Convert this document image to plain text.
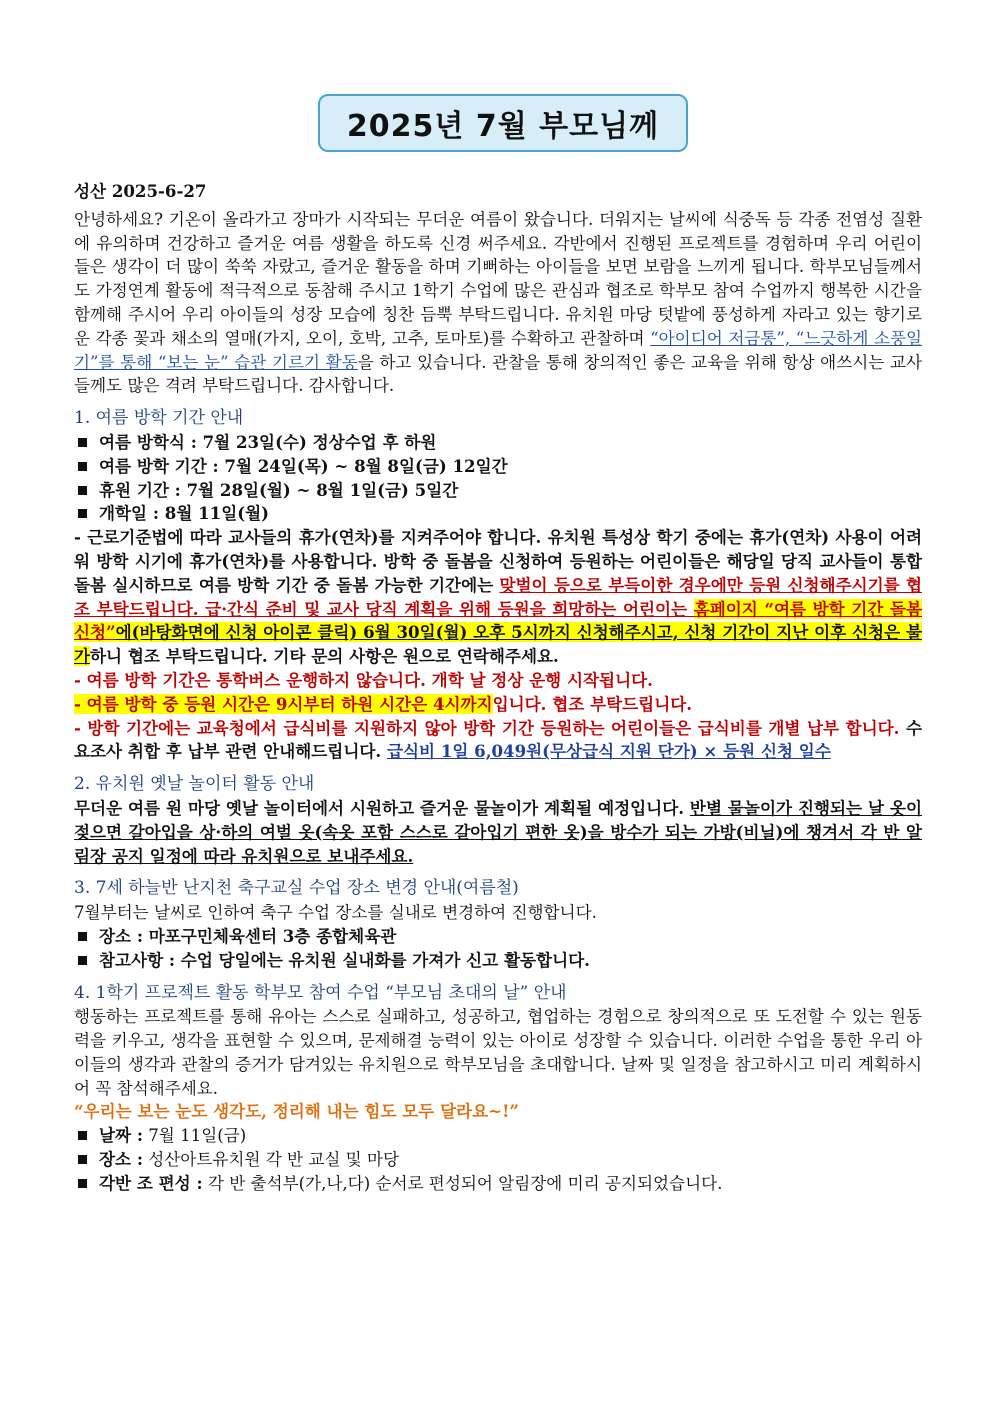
2025년 7월 부모님께

성산 2025-6-27

안녕하세요? 기온이 올라가고 장마가 시작되는 무더운 여름이 왔습니다. 더워지는 날씨에 식중독 등 각종 전염성 질환에 유의하며 건강하고 즐거운 여름 생활을 하도록 신경 써주세요. 각반에서 진행된 프로젝트를 경험하며 우리 어린이들은 생각이 더 많이 쑥쑥 자랐고, 즐거운 활동을 하며 기뻐하는 아이들을 보면 보람을 느끼게 됩니다. 학부모님들께서도 가정연계 활동에 적극적으로 동참해 주시고 1학기 수업에 많은 관심과 협조로 학부모 참여 수업까지 행복한 시간을 함께해 주시어 우리 아이들의 성장 모습에 칭찬 듬뿍 부탁드립니다. 유치원 마당 텃밭에 풍성하게 자라고 있는 향기로운 각종 꽃과 채소의 열매(가지, 오이, 호박, 고추, 토마토)를 수확하고 관찰하며 “아이디어 저금통”, “느긋하게 소풍일기”를 통해 “보는 눈” 습관 기르기 활동을 하고 있습니다. 관찰을 통해 창의적인 좋은 교육을 위해 항상 애쓰시는 교사들께도 많은 격려 부탁드립니다. 감사합니다.

1. 여름 방학 기간 안내
여름 방학식 : 7월 23일(수) 정상수업 후 하원
여름 방학 기간 : 7월 24일(목) ~ 8월 8일(금) 12일간
휴원 기간 : 7월 28일(월) ~ 8월 1일(금) 5일간
개학일 : 8월 11일(월)

- 근로기준법에 따라 교사들의 휴가(연차)를 지켜주어야 합니다. 유치원 특성상 학기 중에는 휴가(연차) 사용이 어려워 방학 시기에 휴가(연차)를 사용합니다. 방학 중 돌봄을 신청하여 등원하는 어린이들은 해당일 당직 교사들이 통합 돌봄 실시하므로 여름 방학 기간 중 돌봄 가능한 기간에는 맞벌이 등으로 부득이한 경우에만 등원 신청해주시기를 협조 부탁드립니다. 급·간식 준비 및 교사 당직 계획을 위해 등원을 희망하는 어린이는 홈페이지 “여름 방학 기간 돌봄 신청”에(바탕화면에 신청 아이콘 클릭) 6월 30일(월) 오후 5시까지 신청해주시고, 신청 기간이 지난 이후 신청은 불가하니 협조 부탁드립니다. 기타 문의 사항은 원으로 연락해주세요.

- 여름 방학 기간은 통학버스 운행하지 않습니다. 개학 날 정상 운행 시작됩니다.

- 여름 방학 중 등원 시간은 9시부터 하원 시간은 4시까지입니다. 협조 부탁드립니다.

- 방학 기간에는 교육청에서 급식비를 지원하지 않아 방학 기간 등원하는 어린이들은 급식비를 개별 납부 합니다. 수요조사 취합 후 납부 관련 안내해드립니다. 급식비 1일 6,049원(무상급식 지원 단가) × 등원 신청 일수

2. 유치원 옛날 놀이터 활동 안내

무더운 여름 원 마당 옛날 놀이터에서 시원하고 즐거운 물놀이가 계획될 예정입니다. 반별 물놀이가 진행되는 날 옷이 젖으면 갈아입을 상·하의 여벌 옷(속옷 포함 스스로 갈아입기 편한 옷)을 방수가 되는 가방(비닐)에 챙겨서 각 반 알림장 공지 일정에 따라 유치원으로 보내주세요.

3. 7세 하늘반 난지천 축구교실 수업 장소 변경 안내(여름철)

7월부터는 날씨로 인하여 축구 수업 장소를 실내로 변경하여 진행합니다.

장소 : 마포구민체육센터 3층 종합체육관
참고사항 : 수업 당일에는 유치원 실내화를 가져가 신고 활동합니다.
4. 1학기 프로젝트 활동 학부모 참여 수업 “부모님 초대의 날” 안내

행동하는 프로젝트를 통해 유아는 스스로 실패하고, 성공하고, 협업하는 경험으로 창의적으로 또 도전할 수 있는 원동력을 키우고, 생각을 표현할 수 있으며, 문제해결 능력이 있는 아이로 성장할 수 있습니다. 이러한 수업을 통한 우리 아이들의 생각과 관찰의 증거가 담겨있는 유치원으로 학부모님을 초대합니다. 날짜 및 일정을 참고하시고 미리 계획하시어 꼭 참석해주세요.

“우리는 보는 눈도 생각도, 정리해 내는 힘도 모두 달라요~!”

날짜 : 7월 11일(금)
장소 : 성산아트유치원 각 반 교실 및 마당
각반 조 편성 : 각 반 출석부(가,나,다) 순서로 편성되어 알림장에 미리 공지되었습니다.
